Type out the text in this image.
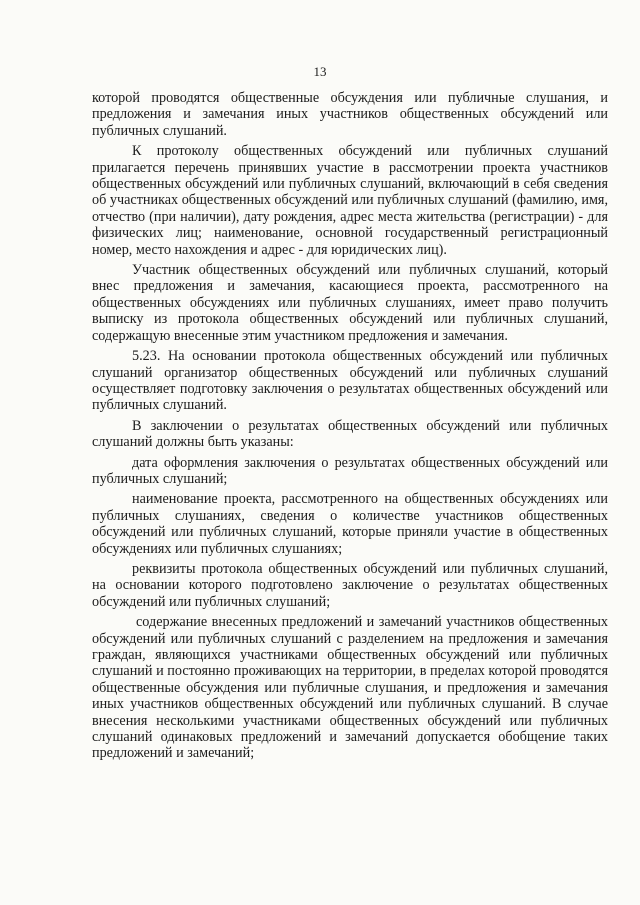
13

которой проводятся общественные обсуждения или публичные слушания, и предложения и замечания иных участников общественных обсуждений или публичных слушаний.

К протоколу общественных обсуждений или публичных слушаний прилагается перечень принявших участие в рассмотрении проекта участников общественных обсуждений или публичных слушаний, включающий в себя сведения об участниках общественных обсуждений или публичных слушаний (фамилию, имя, отчество (при наличии), дату рождения, адрес места жительства (регистрации) - для физических лиц; наименование, основной государственный регистрационный номер, место нахождения и адрес - для юридических лиц).

Участник общественных обсуждений или публичных слушаний, который внес предложения и замечания, касающиеся проекта, рассмотренного на общественных обсуждениях или публичных слушаниях, имеет право получить выписку из протокола общественных обсуждений или публичных слушаний, содержащую внесенные этим участником предложения и замечания.

5.23. На основании протокола общественных обсуждений или публичных слушаний организатор общественных обсуждений или публичных слушаний осуществляет подготовку заключения о результатах общественных обсуждений или публичных слушаний.

В заключении о результатах общественных обсуждений или публичных слушаний должны быть указаны:

дата оформления заключения о результатах общественных обсуждений или публичных слушаний;

наименование проекта, рассмотренного на общественных обсуждениях или публичных слушаниях, сведения о количестве участников общественных обсуждений или публичных слушаний, которые приняли участие в общественных обсуждениях или публичных слушаниях;

реквизиты протокола общественных обсуждений или публичных слушаний, на основании которого подготовлено заключение о результатах общественных обсуждений или публичных слушаний;

содержание внесенных предложений и замечаний участников общественных обсуждений или публичных слушаний с разделением на предложения и замечания граждан, являющихся участниками общественных обсуждений или публичных слушаний и постоянно проживающих на территории, в пределах которой проводятся общественные обсуждения или публичные слушания, и предложения и замечания иных участников общественных обсуждений или публичных слушаний. В случае внесения несколькими участниками общественных обсуждений или публичных слушаний одинаковых предложений и замечаний допускается обобщение таких предложений и замечаний;
